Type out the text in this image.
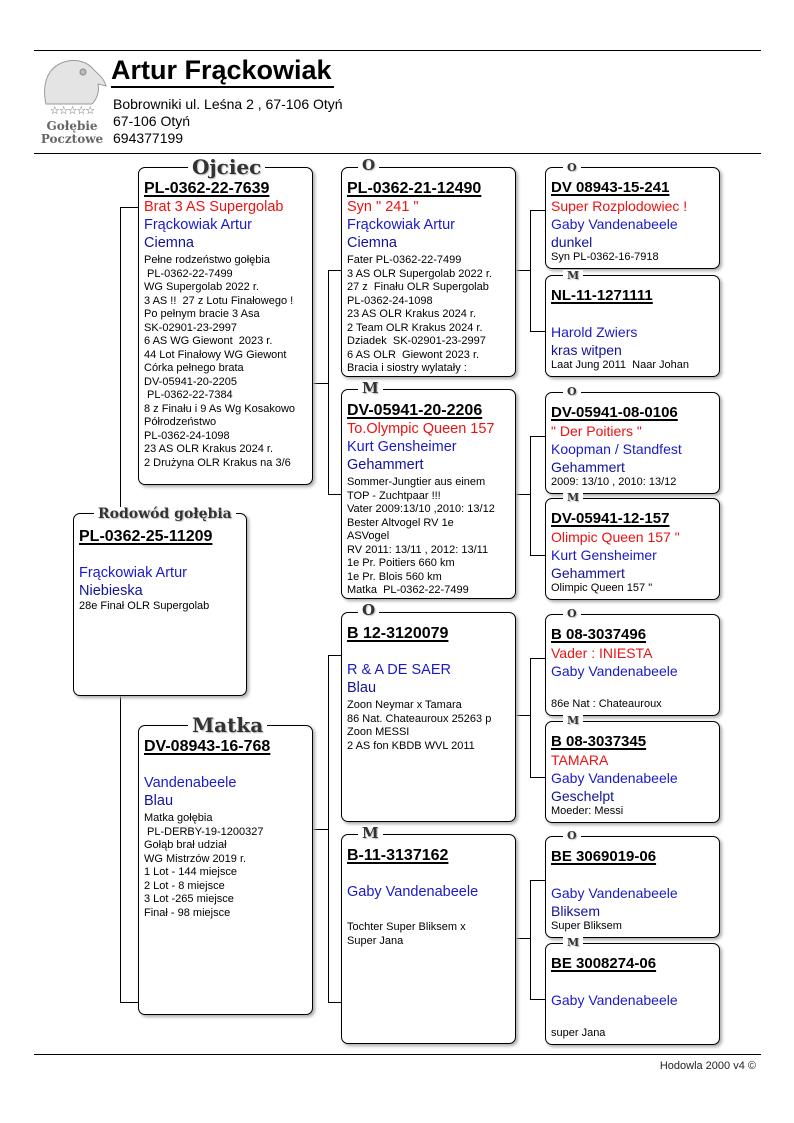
☆☆☆☆☆
Gołębie
Pocztowe
Artur Frąckowiak
Bobrowniki ul. Leśna 2 , 67-106 Otyń
67-106 Otyń
694377199
PL-0362-25-11209
Frąckowiak Artur
Niebieska
28e Finał OLR Supergolab
Rodowód gołębia
PL-0362-22-7639
Brat 3 AS Supergolab
Frąckowiak Artur
Ciemna
Pełne rodzeństwo gołębia
PL-0362-22-7499
WG Supergolab 2022 r.
3 AS !!  27 z Lotu Finałowego !
Po pełnym bracie 3 Asa
SK-02901-23-2997
6 AS WG Giewont  2023 r.
44 Lot Finałowy WG Giewont
Córka pełnego brata
DV-05941-20-2205
PL-0362-22-7384
8 z Finału i 9 As Wg Kosakowo
Półrodzeństwo
PL-0362-24-1098
23 AS OLR Krakus 2024 r.
2 Drużyna OLR Krakus na 3/6
Ojciec
DV-08943-16-768
Vandenabeele
Blau
Matka gołębia
PL-DERBY-19-1200327
Gołąb brał udział
WG Mistrzów 2019 r.
1 Lot - 144 miejsce
2 Lot - 8 miejsce
3 Lot -265 miejsce
Finał - 98 miejsce
Matka
PL-0362-21-12490
Syn " 241 "
Frąckowiak Artur
Ciemna
Fater PL-0362-22-7499
3 AS OLR Supergolab 2022 r.
27 z  Finału OLR Supergolab
PL-0362-24-1098
23 AS OLR Krakus 2024 r.
2 Team OLR Krakus 2024 r.
Dziadek  SK-02901-23-2997
6 AS OLR  Giewont 2023 r.
Bracia i siostry wylatały :
O
DV-05941-20-2206
To.Olympic Queen 157
Kurt Gensheimer
Gehammert
Sommer-Jungtier aus einem
TOP - Zuchtpaar !!!
Vater 2009:13/10 ,2010: 13/12
Bester Altvogel RV 1e
ASVogel
RV 2011: 13/11 , 2012: 13/11
1e Pr. Poitiers 660 km
1e Pr. Blois 560 km
Matka  PL-0362-22-7499
M
B 12-3120079
R & A DE SAER
Blau
Zoon Neymar x Tamara
86 Nat. Chateauroux 25263 p
Zoon MESSI
2 AS fon KBDB WVL 2011
O
B-11-3137162
Gaby Vandenabeele
Tochter Super Bliksem x
Super Jana
M
DV 08943-15-241
Super Rozplodowiec !
Gaby Vandenabeele
dunkel
Syn PL-0362-16-7918
O
NL-11-1271111
Harold Zwiers
kras witpen
Laat Jung 2011  Naar Johan
M
DV-05941-08-0106
" Der Poitiers "
Koopman / Standfest
Gehammert
2009: 13/10 , 2010: 13/12
O
DV-05941-12-157
Olimpic Queen 157 "
Kurt Gensheimer
Gehammert
Olimpic Queen 157 "
M
B 08-3037496
Vader : INIESTA
Gaby Vandenabeele
86e Nat : Chateauroux
O
B 08-3037345
TAMARA
Gaby Vandenabeele
Geschelpt
Moeder: Messi
M
BE 3069019-06
Gaby Vandenabeele
Bliksem
Super Bliksem
O
BE 3008274-06
Gaby Vandenabeele
super Jana
M
Hodowla 2000 v4 ©
